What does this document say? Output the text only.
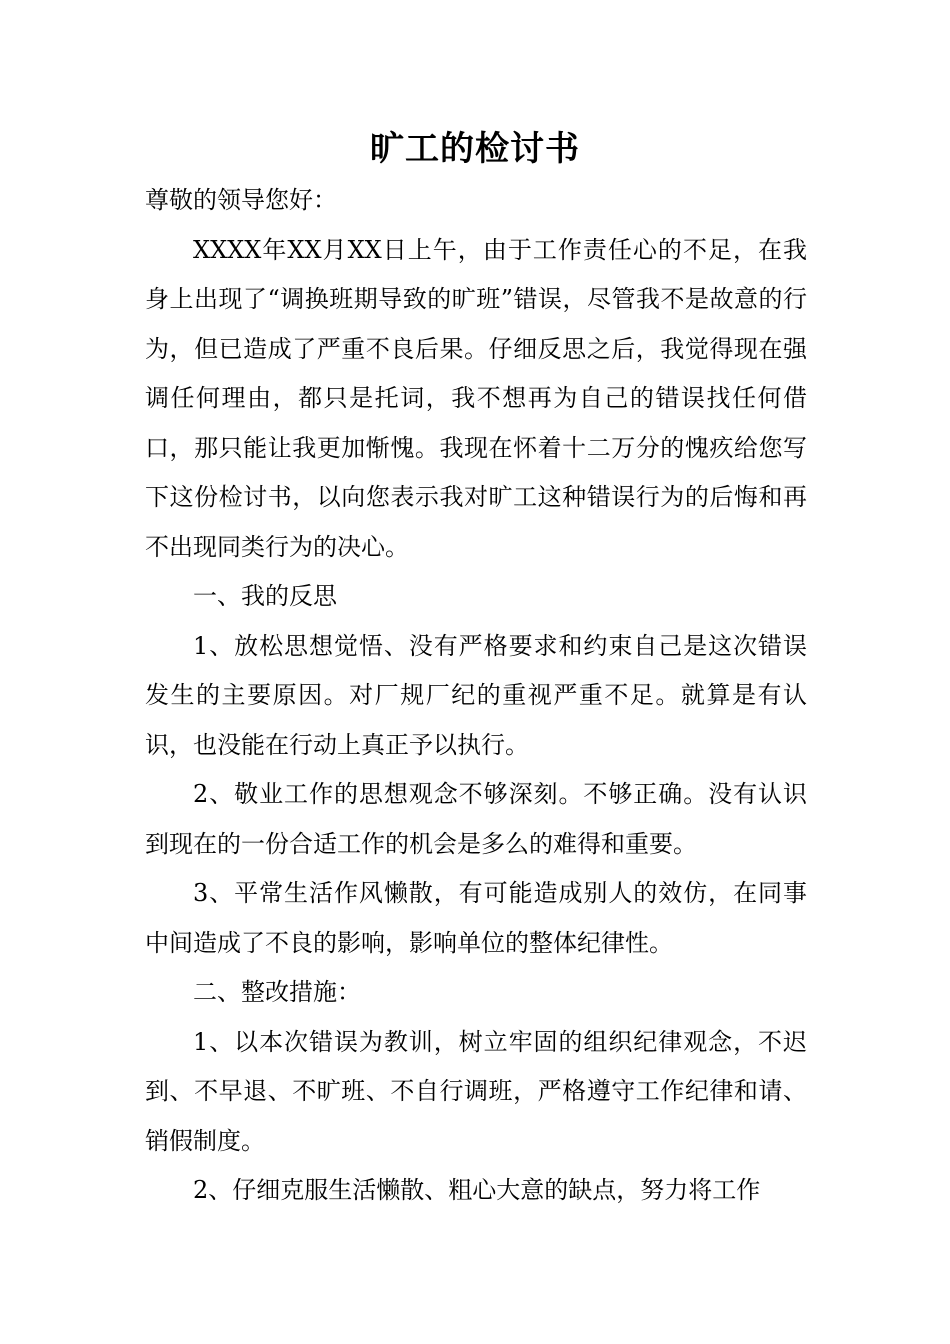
旷工的检讨书

尊敬的领导您好：

XXXX年XX月XX日上午，由于工作责任心的不足，在我身上出现了“调换班期导致的旷班”错误，尽管我不是故意的行为，但已造成了严重不良后果。仔细反思之后，我觉得现在强调任何理由，都只是托词，我不想再为自己的错误找任何借口，那只能让我更加惭愧。我现在怀着十二万分的愧疚给您写下这份检讨书，以向您表示我对旷工这种错误行为的后悔和再不出现同类行为的决心。

一、我的反思

1、放松思想觉悟、没有严格要求和约束自己是这次错误发生的主要原因。对厂规厂纪的重视严重不足。就算是有认识，也没能在行动上真正予以执行。

2、敬业工作的思想观念不够深刻。不够正确。没有认识到现在的一份合适工作的机会是多么的难得和重要。

3、平常生活作风懒散，有可能造成别人的效仿，在同事中间造成了不良的影响，影响单位的整体纪律性。

二、整改措施：

1、以本次错误为教训，树立牢固的组织纪律观念，不迟到、不早退、不旷班、不自行调班，严格遵守工作纪律和请、销假制度。

2、仔细克服生活懒散、粗心大意的缺点，努力将工作
